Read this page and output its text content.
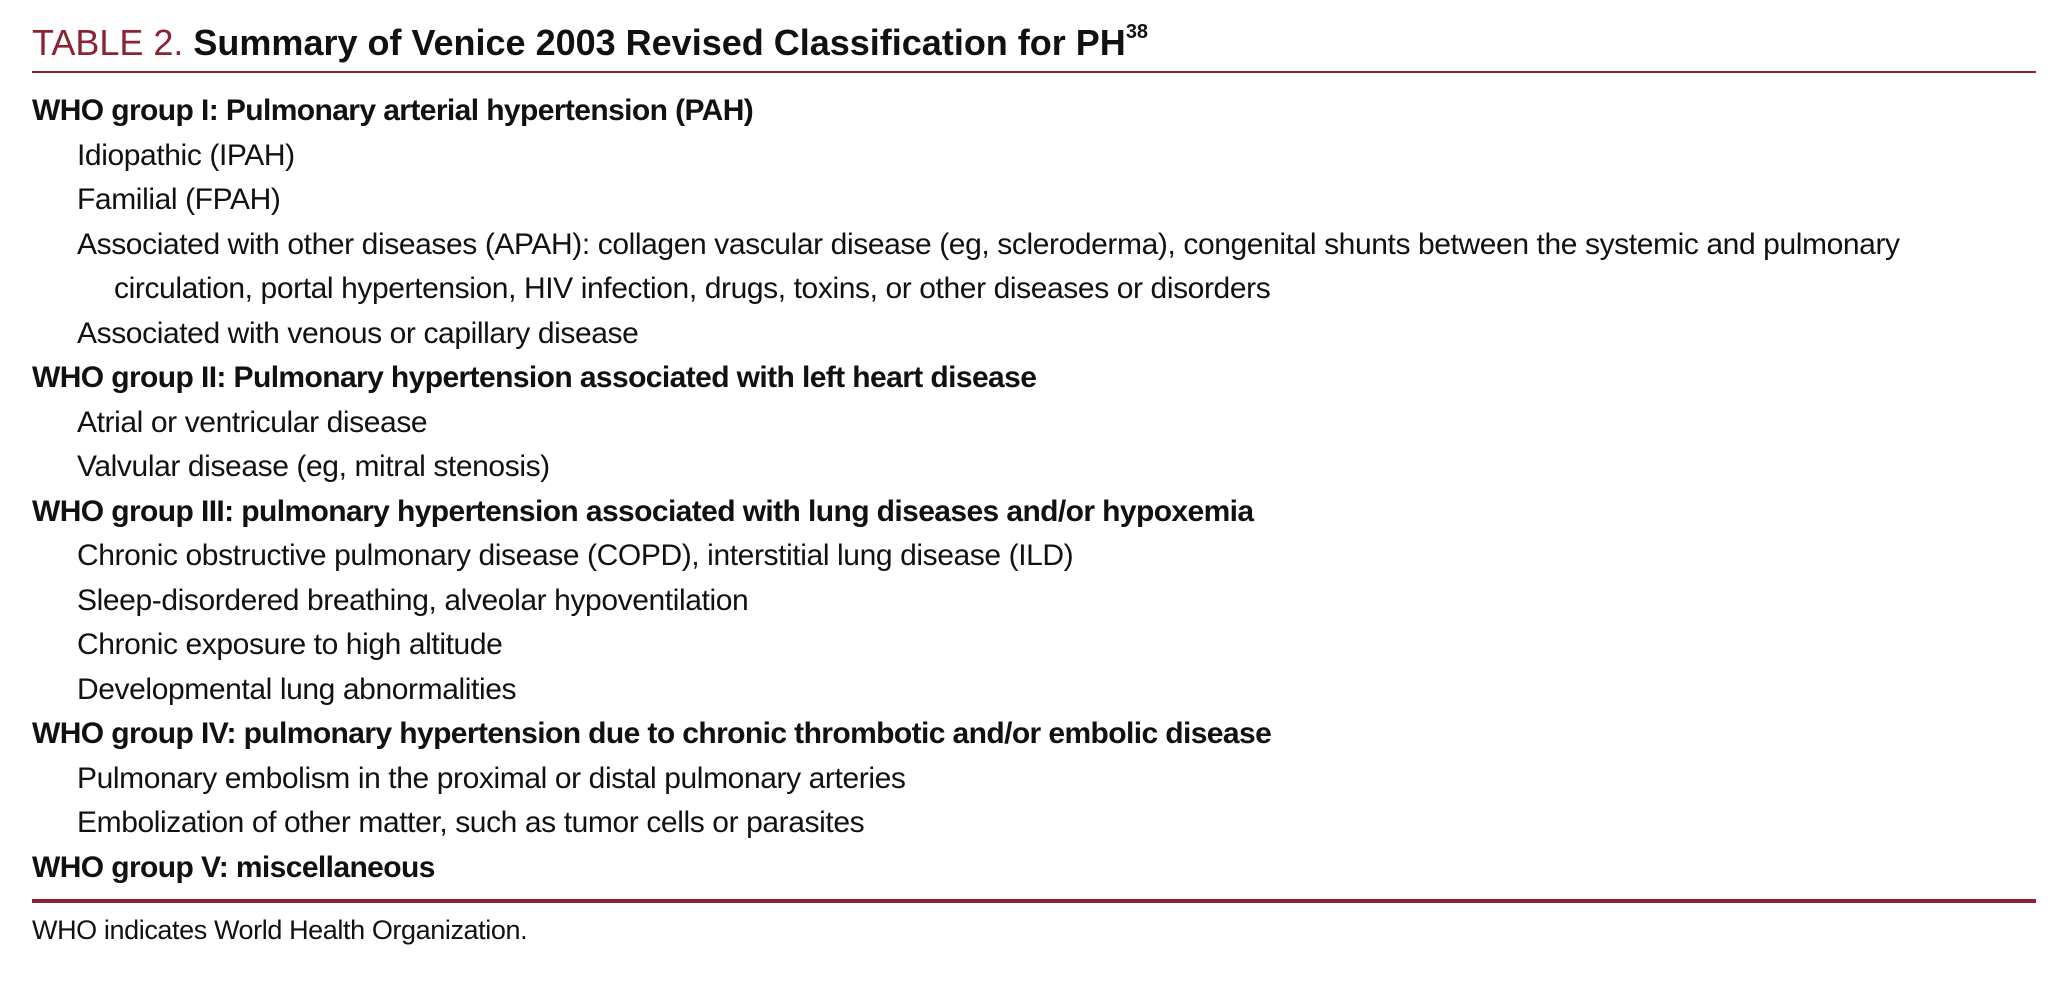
TABLE 2. Summary of Venice 2003 Revised Classification for PH$^{38}$
WHO group I: Pulmonary arterial hypertension (PAH)
Idiopathic (IPAH)
Familial (FPAH)
Associated with other diseases (APAH): collagen vascular disease (eg, scleroderma), congenital shunts between the systemic and pulmonary circulation, portal hypertension, HIV infection, drugs, toxins, or other diseases or disorders
Associated with venous or capillary disease
WHO group II: Pulmonary hypertension associated with left heart disease
Atrial or ventricular disease
Valvular disease (eg, mitral stenosis)
WHO group III: pulmonary hypertension associated with lung diseases and/or hypoxemia
Chronic obstructive pulmonary disease (COPD), interstitial lung disease (ILD)
Sleep-disordered breathing, alveolar hypoventilation
Chronic exposure to high altitude
Developmental lung abnormalities
WHO group IV: pulmonary hypertension due to chronic thrombotic and/or embolic disease
Pulmonary embolism in the proximal or distal pulmonary arteries
Embolization of other matter, such as tumor cells or parasites
WHO group V: miscellaneous
WHO indicates World Health Organization.
